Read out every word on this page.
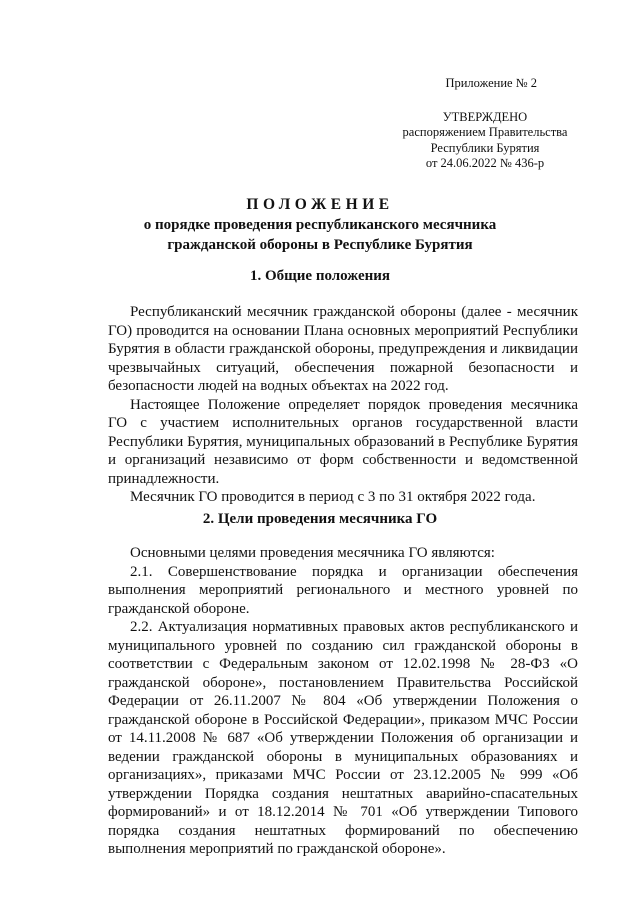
Приложение № 2
УТВЕРЖДЕНО
распоряжением Правительства
Республики Бурятия
от 24.06.2022 № 436-р
ПОЛОЖЕНИЕ
о порядке проведения республиканского месячника
гражданской обороны в Республике Бурятия
1. Общие положения

Республиканский месячник гражданской обороны (далее - месячник ГО) проводится на основании Плана основных мероприятий Республики Бурятия в области гражданской обороны, предупреждения и ликвидации чрезвычайных ситуаций, обеспечения пожарной безопасности и безопасности людей на водных объектах на 2022 год.

Настоящее Положение определяет порядок проведения месячника ГО с участием исполнительных органов государственной власти Республики Бурятия, муниципальных образований в Республике Бурятия и организаций независимо от форм собственности и ведомственной принадлежности.

Месячник ГО проводится в период с 3 по 31 октября 2022 года.

2. Цели проведения месячника ГО

Основными целями проведения месячника ГО являются:

2.1. Совершенствование порядка и организации обеспечения выполнения мероприятий регионального и местного уровней по гражданской обороне.

2.2. Актуализация нормативных правовых актов республиканского и муниципального уровней по созданию сил гражданской обороны в соответствии с Федеральным законом от 12.02.1998 № 28-ФЗ «О гражданской обороне», постановлением Правительства Российской Федерации от 26.11.2007 № 804 «Об утверждении Положения о гражданской обороне в Российской Федерации», приказом МЧС России от 14.11.2008 № 687 «Об утверждении Положения об организации и ведении гражданской обороны в муниципальных образованиях и организациях», приказами МЧС России от 23.12.2005 № 999 «Об утверждении Порядка создания нештатных аварийно-спасательных формирований» и от 18.12.2014 № 701 «Об утверждении Типового порядка создания нештатных формирований по обеспечению выполнения мероприятий по гражданской обороне».
